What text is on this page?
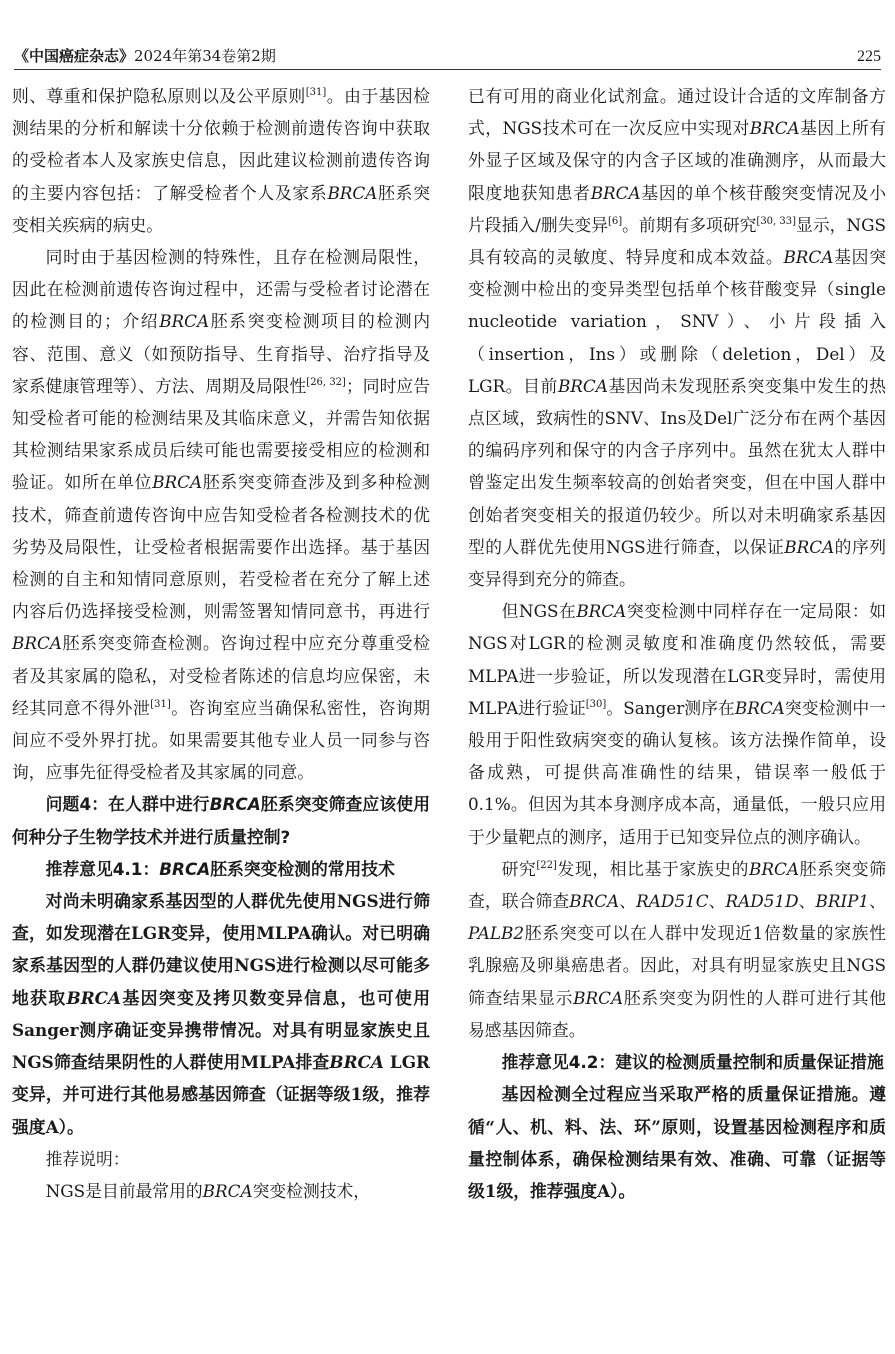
《中国癌症杂志》2024年第34卷第2期	225

则、尊重和保护隐私原则以及公平原则[31]。由于基因检测结果的分析和解读十分依赖于检测前遗传咨询中获取的受检者本人及家族史信息，因此建议检测前遗传咨询的主要内容包括：了解受检者个人及家系BRCA胚系突变相关疾病的病史。

同时由于基因检测的特殊性，且存在检测局限性，因此在检测前遗传咨询过程中，还需与受检者讨论潜在的检测目的；介绍BRCA胚系突变检测项目的检测内容、范围、意义（如预防指导、生育指导、治疗指导及家系健康管理等）、方法、周期及局限性[26, 32]；同时应告知受检者可能的检测结果及其临床意义，并需告知依据其检测结果家系成员后续可能也需要接受相应的检测和验证。如所在单位BRCA胚系突变筛查涉及到多种检测技术，筛查前遗传咨询中应告知受检者各检测技术的优劣势及局限性，让受检者根据需要作出选择。基于基因检测的自主和知情同意原则，若受检者在充分了解上述内容后仍选择接受检测，则需签署知情同意书，再进行BRCA胚系突变筛查检测。咨询过程中应充分尊重受检者及其家属的隐私，对受检者陈述的信息均应保密，未经其同意不得外泄[31]。咨询室应当确保私密性，咨询期间应不受外界打扰。如果需要其他专业人员一同参与咨询，应事先征得受检者及其家属的同意。

问题4：在人群中进行BRCA胚系突变筛查应该使用何种分子生物学技术并进行质量控制?

推荐意见4.1：BRCA胚系突变检测的常用技术

对尚未明确家系基因型的人群优先使用NGS进行筛查，如发现潜在LGR变异，使用MLPA确认。对已明确家系基因型的人群仍建议使用NGS进行检测以尽可能多地获取BRCA基因突变及拷贝数变异信息，也可使用Sanger测序确证变异携带情况。对具有明显家族史且NGS筛查结果阴性的人群使用MLPA排查BRCA LGR变异，并可进行其他易感基因筛查（证据等级1级，推荐强度A）。

推荐说明：

NGS是目前最常用的BRCA突变检测技术，

已有可用的商业化试剂盒。通过设计合适的文库制备方式，NGS技术可在一次反应中实现对BRCA基因上所有外显子区域及保守的内含子区域的准确测序，从而最大限度地获知患者BRCA基因的单个核苷酸突变情况及小片段插入/删失变异[6]。前期有多项研究[30, 33]显示，NGS具有较高的灵敏度、特异度和成本效益。BRCA基因突变检测中检出的变异类型包括单个核苷酸变异（single nucleotide variation，SNV）、小片段插入（insertion，Ins）或删除（deletion，Del）及LGR。目前BRCA基因尚未发现胚系突变集中发生的热点区域，致病性的SNV、Ins及Del广泛分布在两个基因的编码序列和保守的内含子序列中。虽然在犹太人群中曾鉴定出发生频率较高的创始者突变，但在中国人群中创始者突变相关的报道仍较少。所以对未明确家系基因型的人群优先使用NGS进行筛查，以保证BRCA的序列变异得到充分的筛查。

但NGS在BRCA突变检测中同样存在一定局限：如NGS对LGR的检测灵敏度和准确度仍然较低，需要MLPA进一步验证，所以发现潜在LGR变异时，需使用MLPA进行验证[30]。Sanger测序在BRCA突变检测中一般用于阳性致病突变的确认复核。该方法操作简单，设备成熟，可提供高准确性的结果，错误率一般低于0.1%。但因为其本身测序成本高，通量低，一般只应用于少量靶点的测序，适用于已知变异位点的测序确认。

研究[22]发现，相比基于家族史的BRCA胚系突变筛查，联合筛查BRCA、RAD51C、RAD51D、BRIP1、PALB2胚系突变可以在人群中发现近1倍数量的家族性乳腺癌及卵巢癌患者。因此，对具有明显家族史且NGS筛查结果显示BRCA胚系突变为阴性的人群可进行其他易感基因筛查。

推荐意见4.2：建议的检测质量控制和质量保证措施

基因检测全过程应当采取严格的质量保证措施。遵循“人、机、料、法、环”原则，设置基因检测程序和质量控制体系，确保检测结果有效、准确、可靠（证据等级1级，推荐强度A）。
